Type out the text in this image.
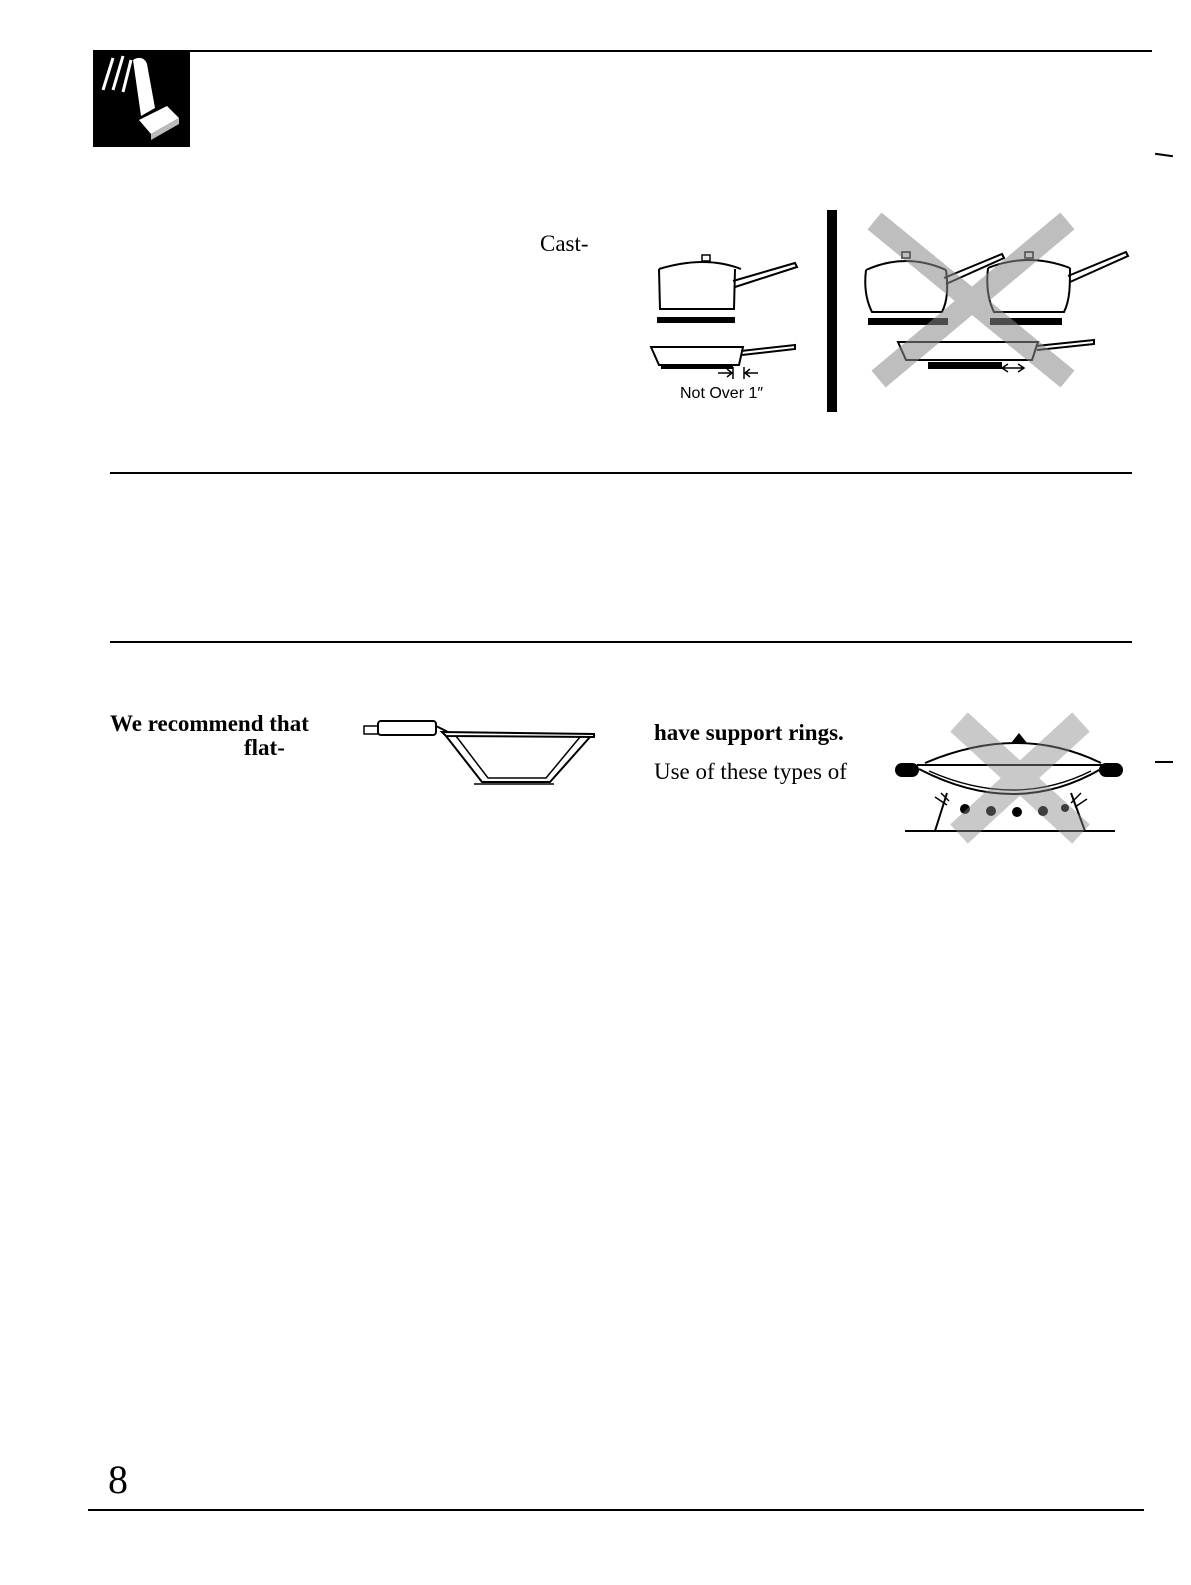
Cast-
Not Over 1″
We recommend that
flat-
have support rings.
Use of these types of
8
